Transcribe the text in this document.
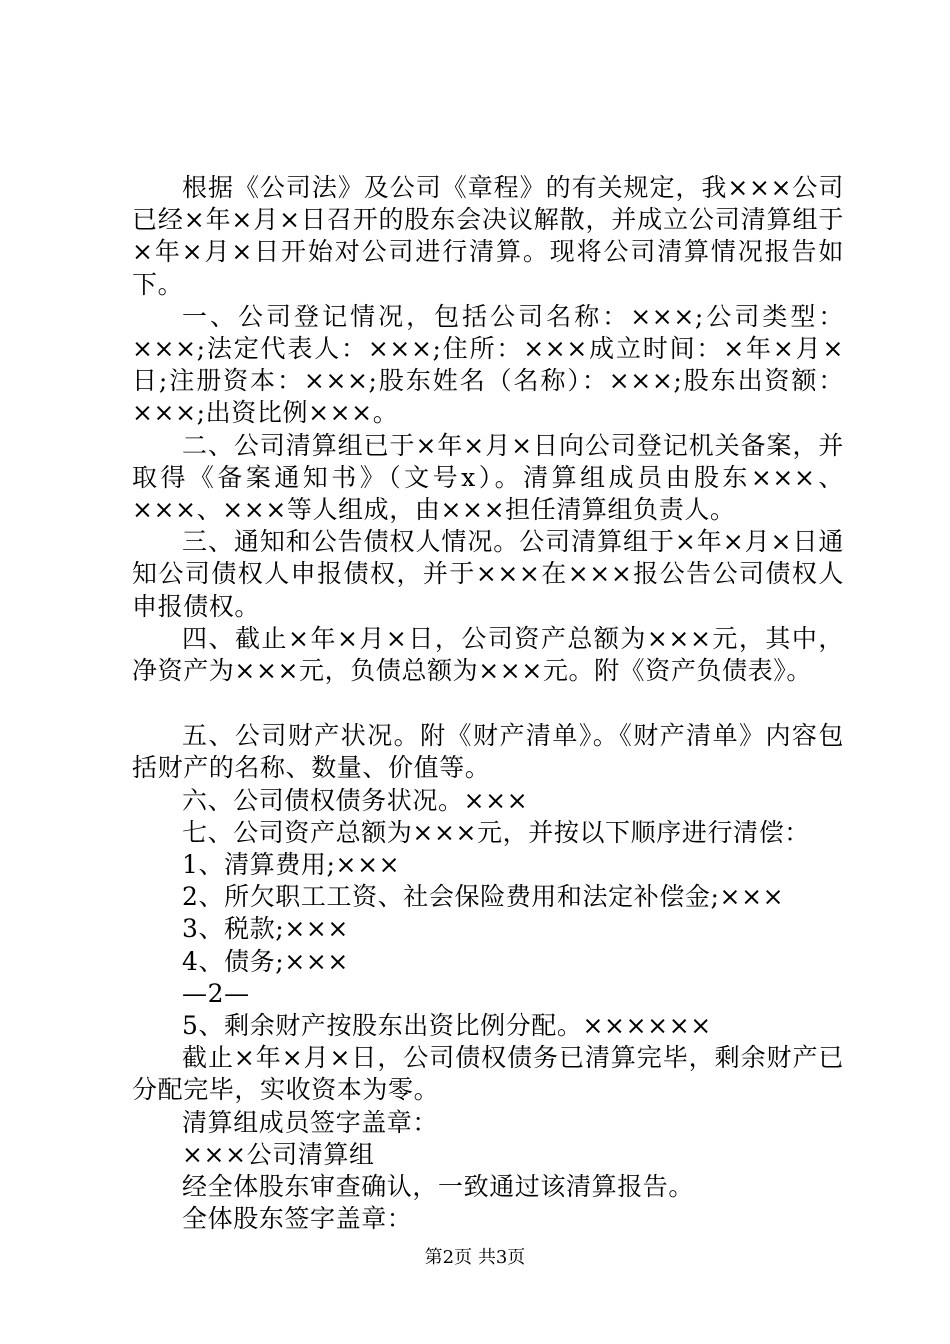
根据《公司法》及公司《章程》的有关规定，我×××公司已经×年×月×日召开的股东会决议解散，并成立公司清算组于×年×月×日开始对公司进行清算。现将公司清算情况报告如下。

一、公司登记情况，包括公司名称：×××;公司类型：×××;法定代表人：×××;住所：×××成立时间：×年×月×日;注册资本：×××;股东姓名（名称）：×××;股东出资额：×××;出资比例×××。

二、公司清算组已于×年×月×日向公司登记机关备案，并取得《备案通知书》（文号x）。清算组成员由股东×××、×××、×××等人组成，由×××担任清算组负责人。

三、通知和公告债权人情况。公司清算组于×年×月×日通知公司债权人申报债权，并于×××在×××报公告公司债权人申报债权。

四、截止×年×月×日，公司资产总额为×××元，其中，净资产为×××元，负债总额为×××元。附《资产负债表》。

五、公司财产状况。附《财产清单》。《财产清单》内容包括财产的名称、数量、价值等。

六、公司债权债务状况。×××

七、公司资产总额为×××元，并按以下顺序进行清偿：

1、清算费用;×××

2、所欠职工工资、社会保险费用和法定补偿金;×××

3、税款;×××

4、债务;×××

—2—

5、剩余财产按股东出资比例分配。××××××

截止×年×月×日，公司债权债务已清算完毕，剩余财产已分配完毕，实收资本为零。

清算组成员签字盖章：

×××公司清算组

经全体股东审查确认，一致通过该清算报告。

全体股东签字盖章：

第2页 共3页
